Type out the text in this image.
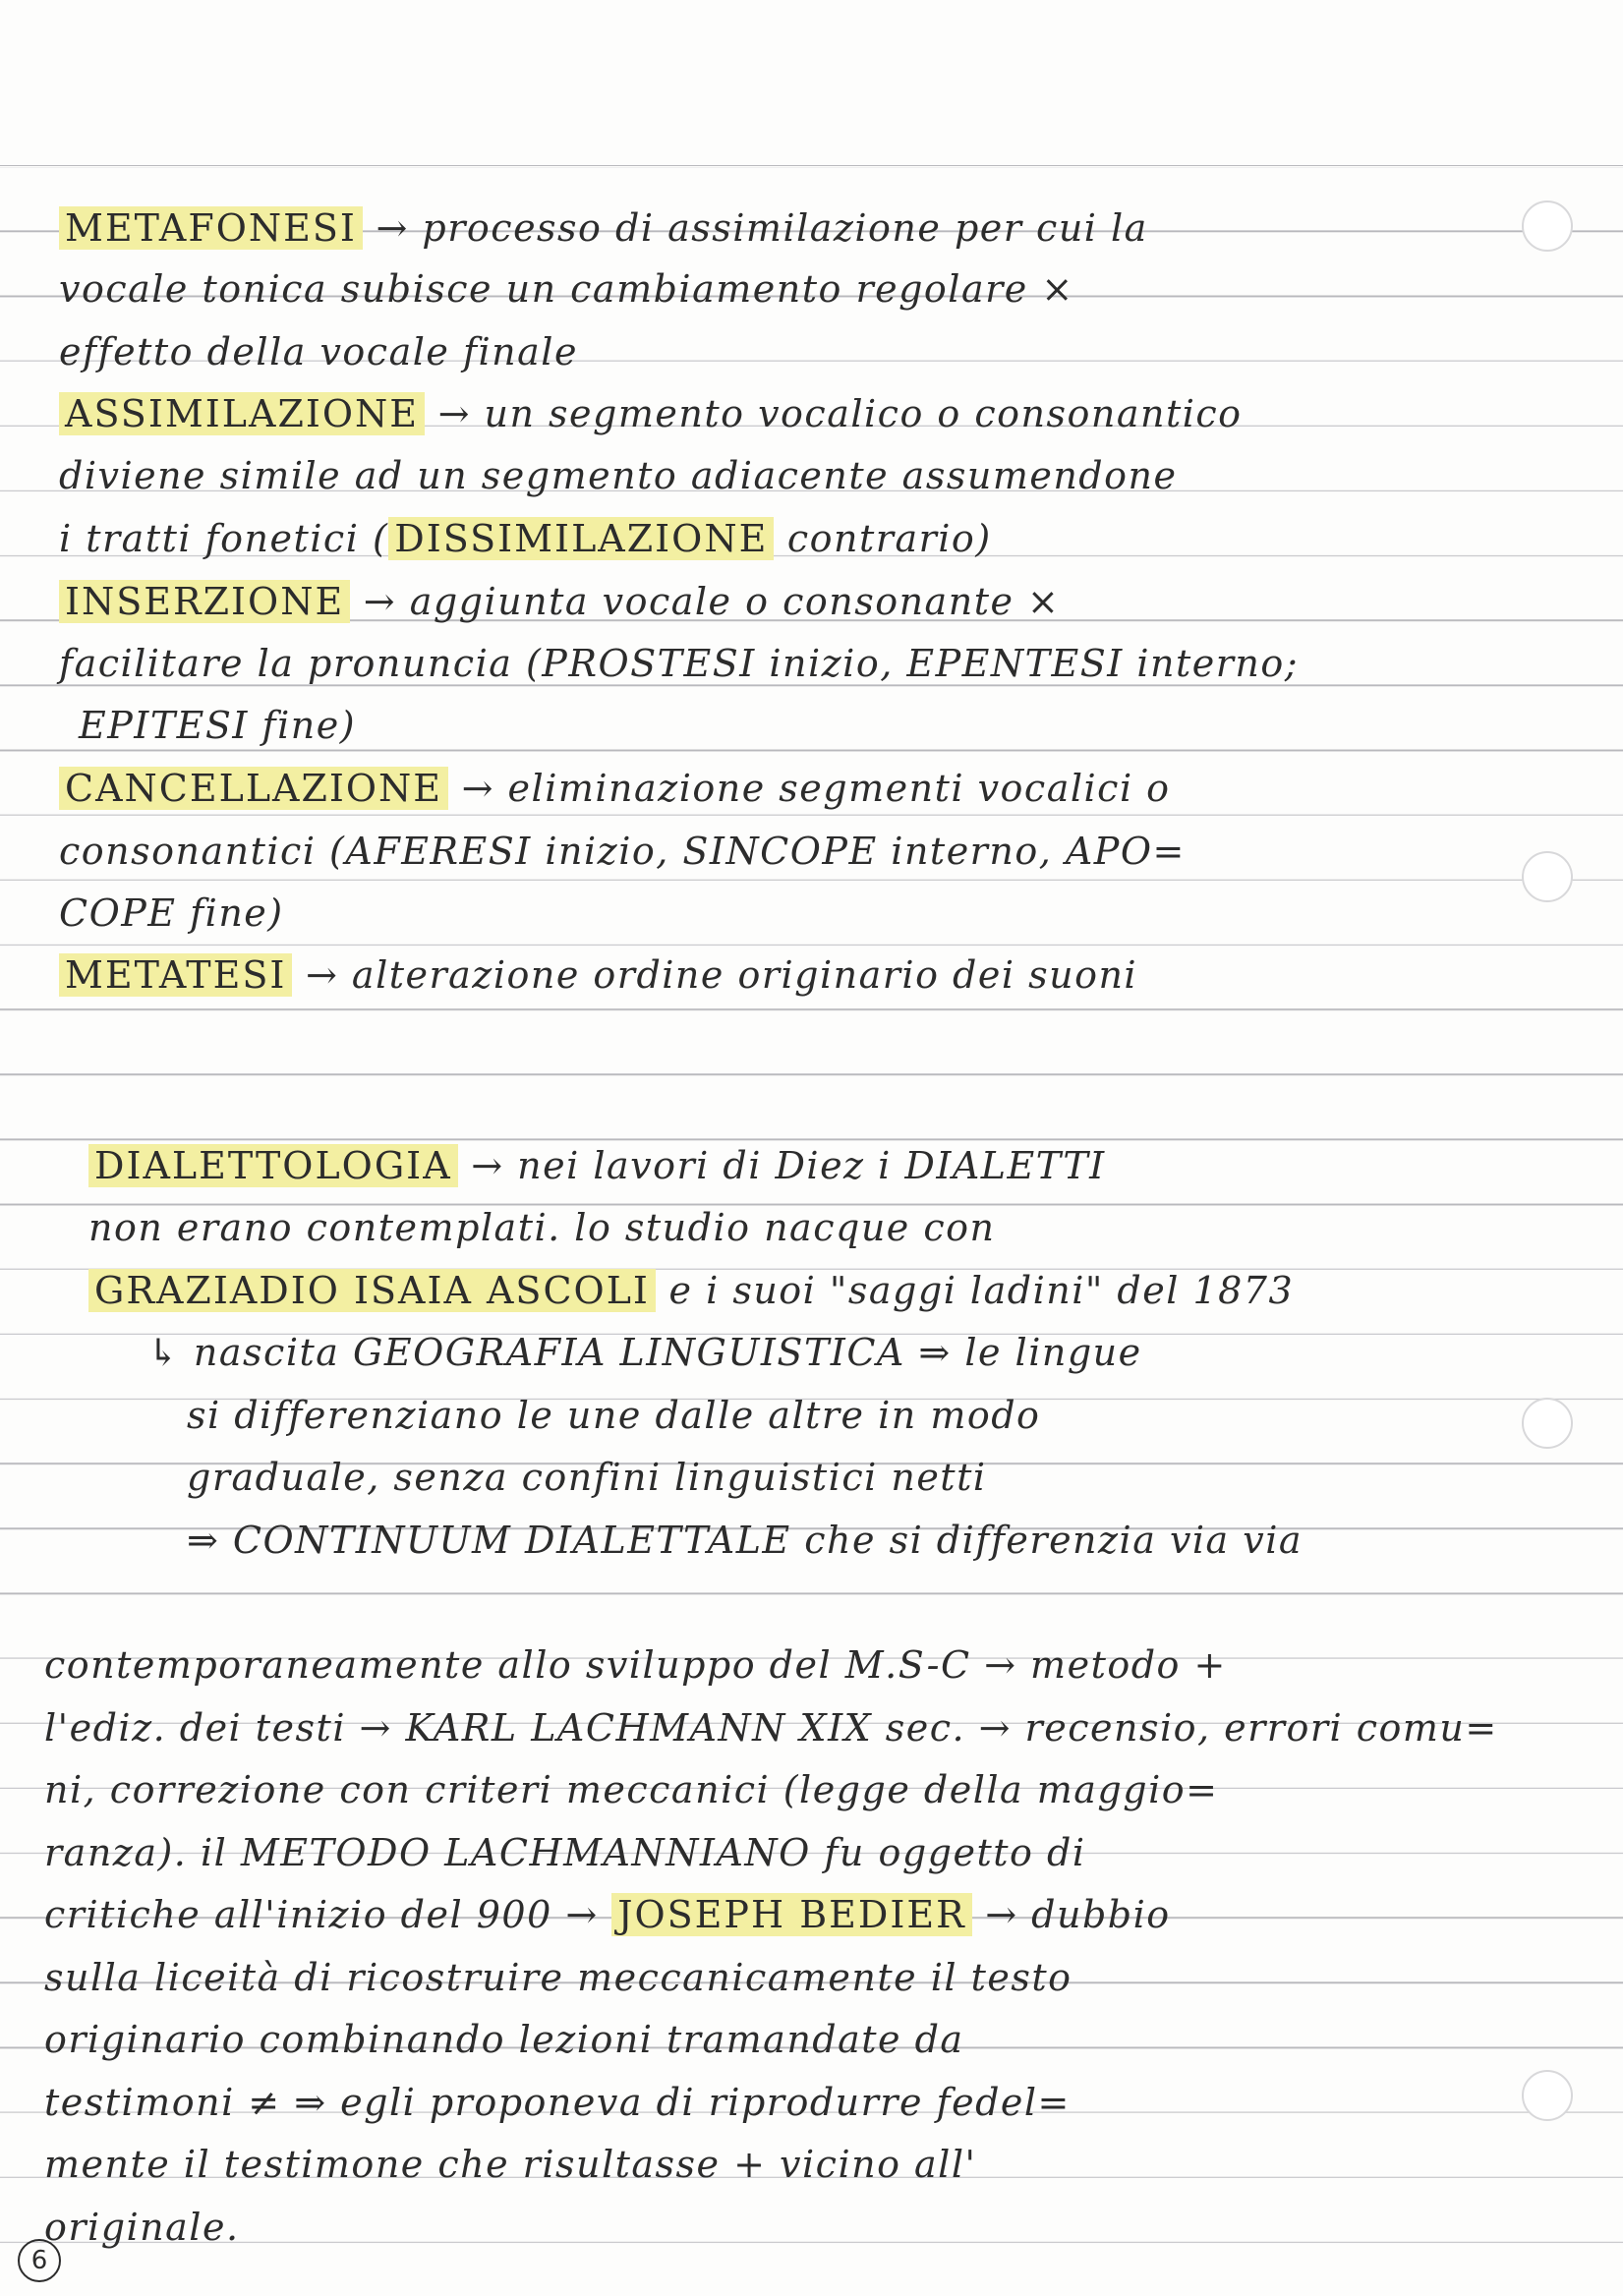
METAFONESI → processo di assimilazione per cui la
vocale tonica subisce un cambiamento regolare ×
effetto della vocale finale
ASSIMILAZIONE → un segmento vocalico o consonantico
diviene simile ad un segmento adiacente assumendone
i tratti fonetici ( DISSIMILAZIONE contrario)
INSERZIONE → aggiunta vocale o consonante ×
facilitare la pronuncia (PROSTESI inizio, EPENTESI interno;
EPITESI fine)
CANCELLAZIONE → eliminazione segmenti vocalici o
consonantici (AFERESI inizio, SINCOPE interno, APO=
COPE fine)
METATESI → alterazione ordine originario dei suoni
DIALETTOLOGIA → nei lavori di Diez i DIALETTI
non erano contemplati. lo studio nacque con
GRAZIADIO ISAIA ASCOLI e i suoi "saggi ladini" del 1873
↳ nascita GEOGRAFIA LINGUISTICA ⇒ le lingue
si differenziano le une dalle altre in modo
graduale, senza confini linguistici netti
⇒ CONTINUUM DIALETTALE che si differenzia via via
contemporaneamente allo sviluppo del M.S-C → metodo +
l'ediz. dei testi → KARL LACHMANN XIX sec. → recensio, errori comu=
ni, correzione con criteri meccanici (legge della maggio=
ranza). il METODO LACHMANNIANO fu oggetto di
critiche all'inizio del 900 → JOSEPH BEDIER → dubbio
sulla liceità di ricostruire meccanicamente il testo
originario combinando lezioni tramandate da
testimoni ≠ ⇒ egli proponeva di riprodurre fedel=
mente il testimone che risultasse + vicino all'
originale.
6
